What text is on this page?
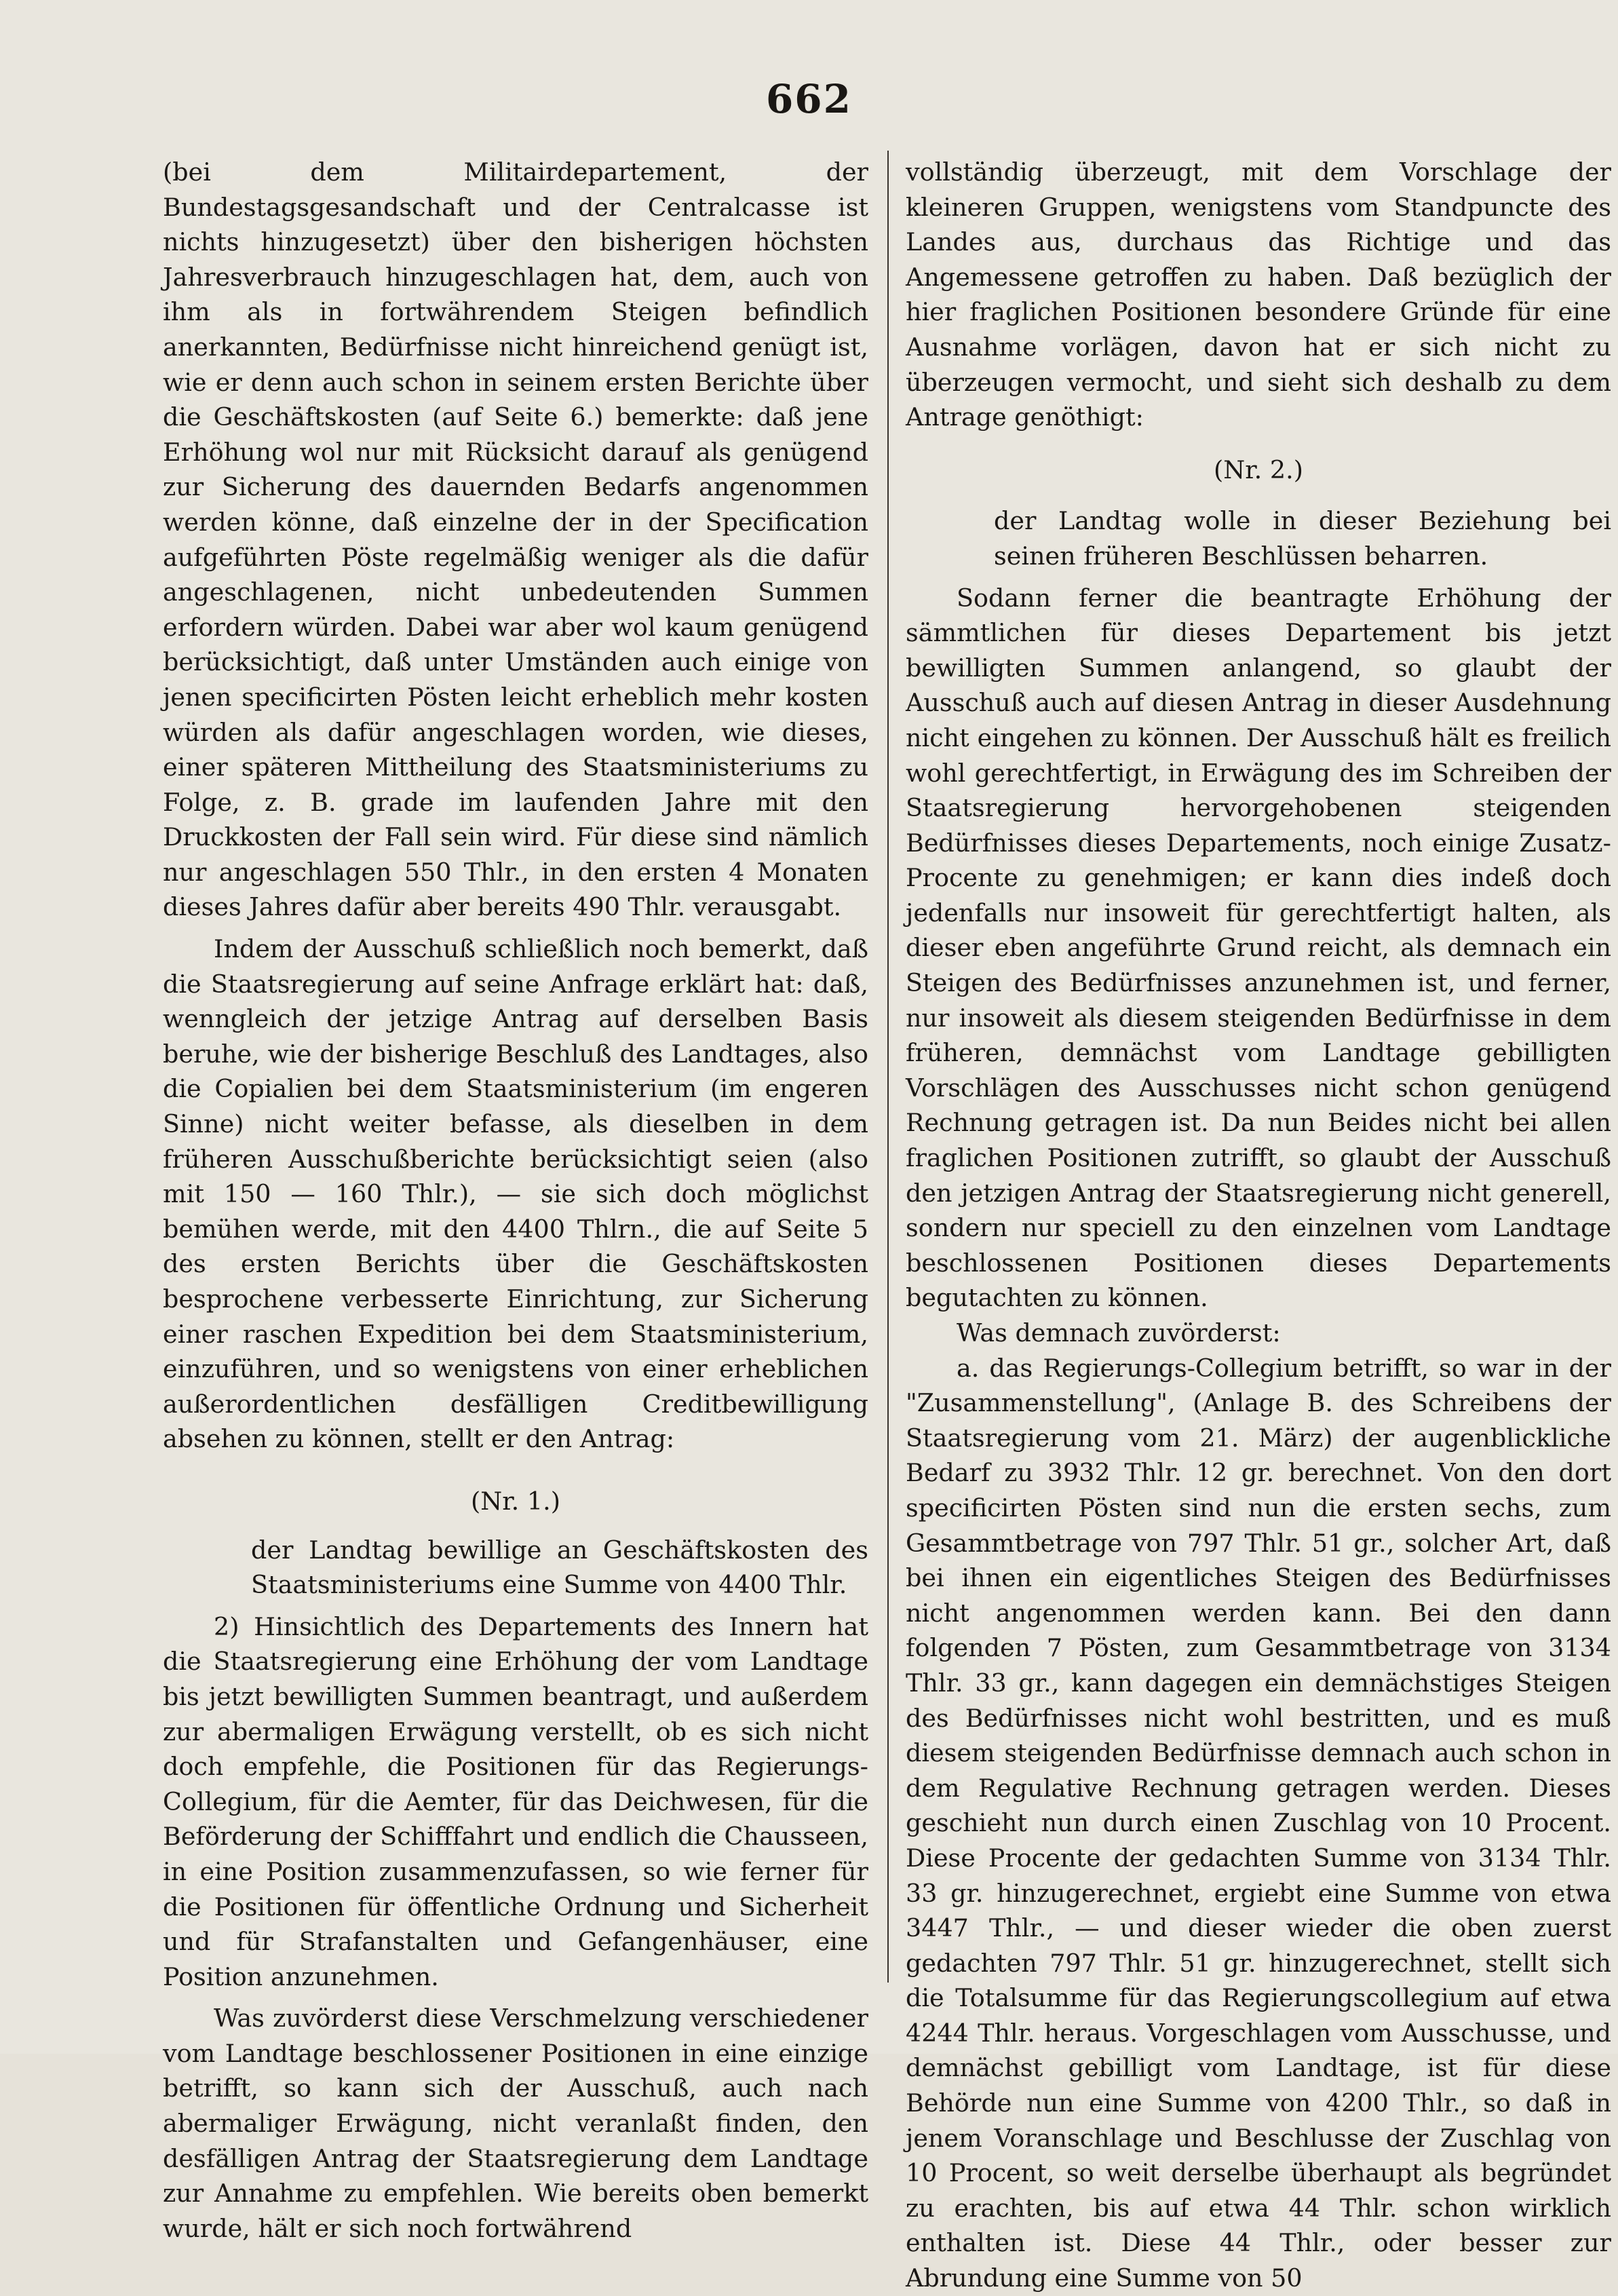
662

(bei dem Militairdepartement, der Bundestagsgesandschaft und der Centralcasse ist nichts hinzugesetzt) über den bisherigen höchsten Jahresverbrauch hinzugeschlagen hat, dem, auch von ihm als in fortwährendem Steigen befindlich anerkannten, Bedürfnisse nicht hinreichend genügt ist, wie er denn auch schon in seinem ersten Berichte über die Geschäftskosten (auf Seite 6.) bemerkte: daß jene Erhöhung wol nur mit Rücksicht darauf als genügend zur Sicherung des dauernden Bedarfs angenommen werden könne, daß einzelne der in der Specification aufgeführten Pöste regelmäßig weniger als die dafür angeschlagenen, nicht unbedeutenden Summen erfordern würden. Dabei war aber wol kaum genügend berücksichtigt, daß unter Umständen auch einige von jenen specificirten Pösten leicht erheblich mehr kosten würden als dafür angeschlagen worden, wie dieses, einer späteren Mittheilung des Staatsministeriums zu Folge, z. B. grade im laufenden Jahre mit den Druckkosten der Fall sein wird. Für diese sind nämlich nur angeschlagen 550 Thlr., in den ersten 4 Monaten dieses Jahres dafür aber bereits 490 Thlr. verausgabt.

Indem der Ausschuß schließlich noch bemerkt, daß die Staatsregierung auf seine Anfrage erklärt hat: daß, wenngleich der jetzige Antrag auf derselben Basis beruhe, wie der bisherige Beschluß des Landtages, also die Copialien bei dem Staatsministerium (im engeren Sinne) nicht weiter befasse, als dieselben in dem früheren Ausschußberichte berücksichtigt seien (also mit 150 — 160 Thlr.), — sie sich doch möglichst bemühen werde, mit den 4400 Thlrn., die auf Seite 5 des ersten Berichts über die Geschäftskosten besprochene verbesserte Einrichtung, zur Sicherung einer raschen Expedition bei dem Staatsministerium, einzuführen, und so wenigstens von einer erheblichen außerordentlichen desfälligen Creditbewilligung absehen zu können, stellt er den Antrag:

(Nr. 1.)

der Landtag bewillige an Geschäftskosten des Staatsministeriums eine Summe von 4400 Thlr.

2) Hinsichtlich des Departements des Innern hat die Staatsregierung eine Erhöhung der vom Landtage bis jetzt bewilligten Summen beantragt, und außerdem zur abermaligen Erwägung verstellt, ob es sich nicht doch empfehle, die Positionen für das Regierungs-Collegium, für die Aemter, für das Deichwesen, für die Beförderung der Schifffahrt und endlich die Chausseen, in eine Position zusammenzufassen, so wie ferner für die Positionen für öffentliche Ordnung und Sicherheit und für Strafanstalten und Gefangenhäuser, eine Position anzunehmen.

Was zuvörderst diese Verschmelzung verschiedener vom Landtage beschlossener Positionen in eine einzige betrifft, so kann sich der Ausschuß, auch nach abermaliger Erwägung, nicht veranlaßt finden, den desfälligen Antrag der Staatsregierung dem Landtage zur Annahme zu empfehlen. Wie bereits oben bemerkt wurde, hält er sich noch fortwährend

vollständig überzeugt, mit dem Vorschlage der kleineren Gruppen, wenigstens vom Standpuncte des Landes aus, durchaus das Richtige und das Angemessene getroffen zu haben. Daß bezüglich der hier fraglichen Positionen besondere Gründe für eine Ausnahme vorlägen, davon hat er sich nicht zu überzeugen vermocht, und sieht sich deshalb zu dem Antrage genöthigt:

(Nr. 2.)

der Landtag wolle in dieser Beziehung bei seinen früheren Beschlüssen beharren.

Sodann ferner die beantragte Erhöhung der sämmtlichen für dieses Departement bis jetzt bewilligten Summen anlangend, so glaubt der Ausschuß auch auf diesen Antrag in dieser Ausdehnung nicht eingehen zu können. Der Ausschuß hält es freilich wohl gerechtfertigt, in Erwägung des im Schreiben der Staatsregierung hervorgehobenen steigenden Bedürfnisses dieses Departements, noch einige Zusatz-Procente zu genehmigen; er kann dies indeß doch jedenfalls nur insoweit für gerechtfertigt halten, als dieser eben angeführte Grund reicht, als demnach ein Steigen des Bedürfnisses anzunehmen ist, und ferner, nur insoweit als diesem steigenden Bedürfnisse in dem früheren, demnächst vom Landtage gebilligten Vorschlägen des Ausschusses nicht schon genügend Rechnung getragen ist. Da nun Beides nicht bei allen fraglichen Positionen zutrifft, so glaubt der Ausschuß den jetzigen Antrag der Staatsregierung nicht generell, sondern nur speciell zu den einzelnen vom Landtage beschlossenen Positionen dieses Departements begutachten zu können.

Was demnach zuvörderst:

a. das Regierungs-Collegium betrifft, so war in der "Zusammenstellung", (Anlage B. des Schreibens der Staatsregierung vom 21. März) der augenblickliche Bedarf zu 3932 Thlr. 12 gr. berechnet. Von den dort specificirten Pösten sind nun die ersten sechs, zum Gesammtbetrage von 797 Thlr. 51 gr., solcher Art, daß bei ihnen ein eigentliches Steigen des Bedürfnisses nicht angenommen werden kann. Bei den dann folgenden 7 Pösten, zum Gesammtbetrage von 3134 Thlr. 33 gr., kann dagegen ein demnächstiges Steigen des Bedürfnisses nicht wohl bestritten, und es muß diesem steigenden Bedürfnisse demnach auch schon in dem Regulative Rechnung getragen werden. Dieses geschieht nun durch einen Zuschlag von 10 Procent. Diese Procente der gedachten Summe von 3134 Thlr. 33 gr. hinzugerechnet, ergiebt eine Summe von etwa 3447 Thlr., — und dieser wieder die oben zuerst gedachten 797 Thlr. 51 gr. hinzugerechnet, stellt sich die Totalsumme für das Regierungscollegium auf etwa 4244 Thlr. heraus. Vorgeschlagen vom Ausschusse, und demnächst gebilligt vom Landtage, ist für diese Behörde nun eine Summe von 4200 Thlr., so daß in jenem Voranschlage und Beschlusse der Zuschlag von 10 Procent, so weit derselbe überhaupt als begründet zu erachten, bis auf etwa 44 Thlr. schon wirklich enthalten ist. Diese 44 Thlr., oder besser zur Abrundung eine Summe von 50
